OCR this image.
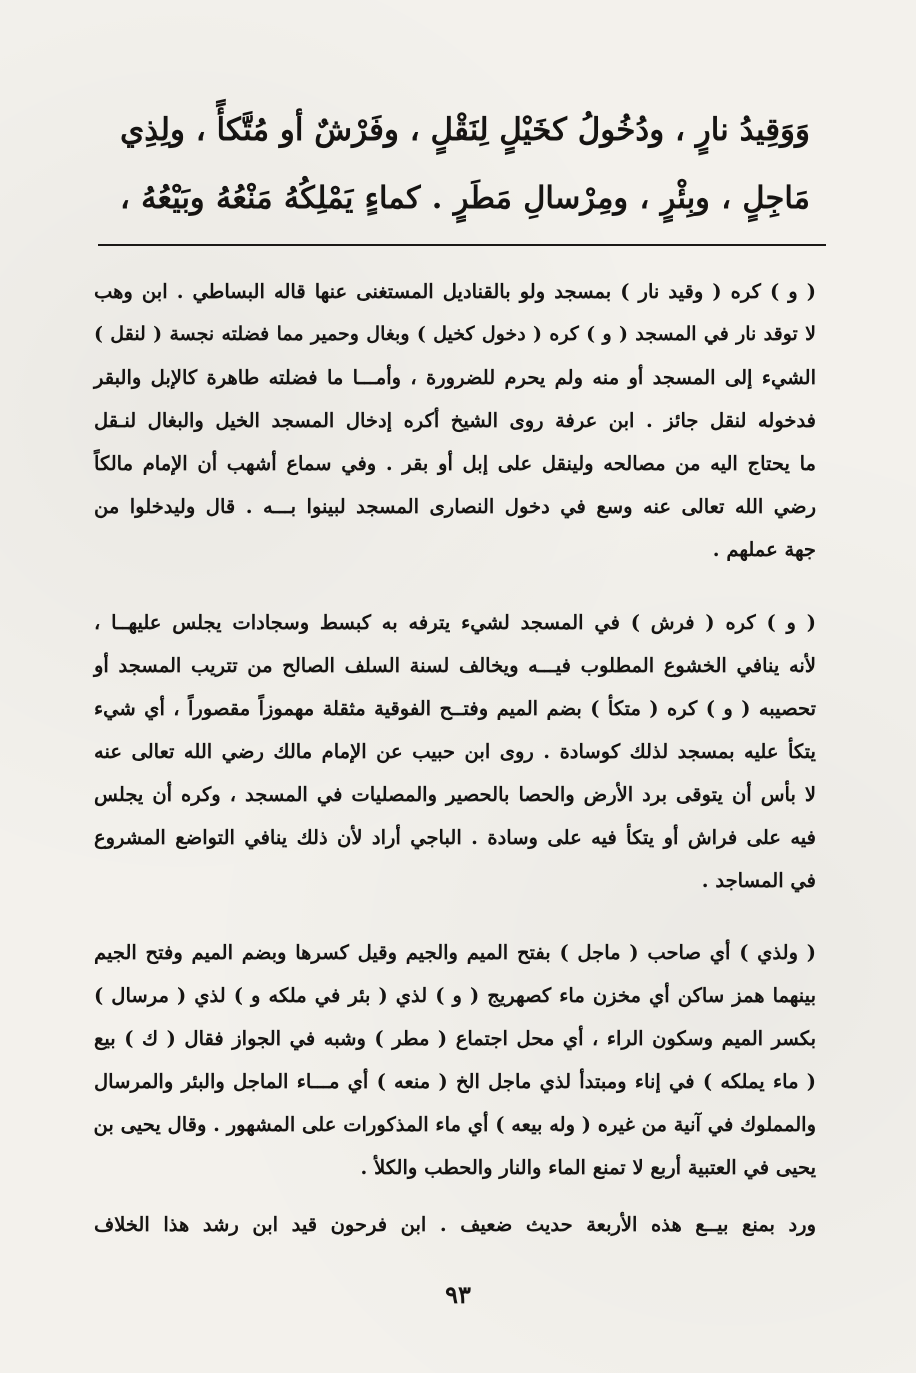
وَوَقِيدُ نارٍ ، ودُخُولُ كخَيْلٍ لِنَقْلٍ ، وفَرْشٌ أو مُتَّكأً ، ولِذِي
مَاجِلٍ ، وبِئْرٍ ، ومِرْسالِ مَطَرٍ . كماءٍ يَمْلِكُهُ مَنْعُهُ وبَيْعُهُ ،
( و ) كره ( وقيد نار ) بمسجد ولو بالقناديل المستغنى عنها قاله البساطي . ابن وهب
لا توقد نار في المسجد ( و ) كره ( دخول كخيل ) وبغال وحمير مما فضلته نجسة ( لنقل )
الشيء إلى المسجد أو منه ولم يحرم للضرورة ، وأمـــا ما فضلته طاهرة كالإبل والبقر
فدخوله لنقل جائز . ابن عرفة روى الشيخ أكره إدخال المسجد الخيل والبغال لنـقل
ما يحتاج اليه من مصالحه ولينقل على إبل أو بقر . وفي سماع أشهب أن الإمام مالكاً
رضي الله تعالى عنه وسع في دخول النصارى المسجد لبينوا بـــه . قال وليدخلوا من
جهة عملهم .
( و ) كره ( فرش ) في المسجد لشيء يترفه به كبسط وسجادات يجلس عليهــا ،
لأنه ينافي الخشوع المطلوب فيـــه ويخالف لسنة السلف الصالح من تتريب المسجد أو
تحصيبه ( و ) كره ( متكأ ) بضم الميم وفتــح الفوقية مثقلة مهموزاً مقصوراً ، أي شيء
يتكأ عليه بمسجد لذلك كوسادة . روى ابن حبيب عن الإمام مالك رضي الله تعالى عنه
لا بأس أن يتوقى برد الأرض والحصا بالحصير والمصليات في المسجد ، وكره أن يجلس
فيه على فراش أو يتكأ فيه على وسادة . الباجي أراد لأن ذلك ينافي التواضع المشروع
في المساجد .
( ولذي ) أي صاحب ( ماجل ) بفتح الميم والجيم وقيل كسرها وبضم الميم وفتح الجيم
بينهما همز ساكن أي مخزن ماء كصهريج ( و ) لذي ( بئر في ملكه و ) لذي ( مرسال )
بكسر الميم وسكون الراء ، أي محل اجتماع ( مطر ) وشبه في الجواز فقال ( ك ) بيع
( ماء يملكه ) في إناء ومبتدأ لذي ماجل الخ ( منعه ) أي مـــاء الماجل والبئر والمرسال
والمملوك في آنية من غيره ( وله بيعه ) أي ماء المذكورات على المشهور . وقال يحيى بن
يحيى في العتبية أربع لا تمنع الماء والنار والحطب والكلأ .
ورد بمنع بيــع هذه الأربعة حديث ضعيف . ابن فرحون قيد ابن رشد هذا الخلاف
٩٣
